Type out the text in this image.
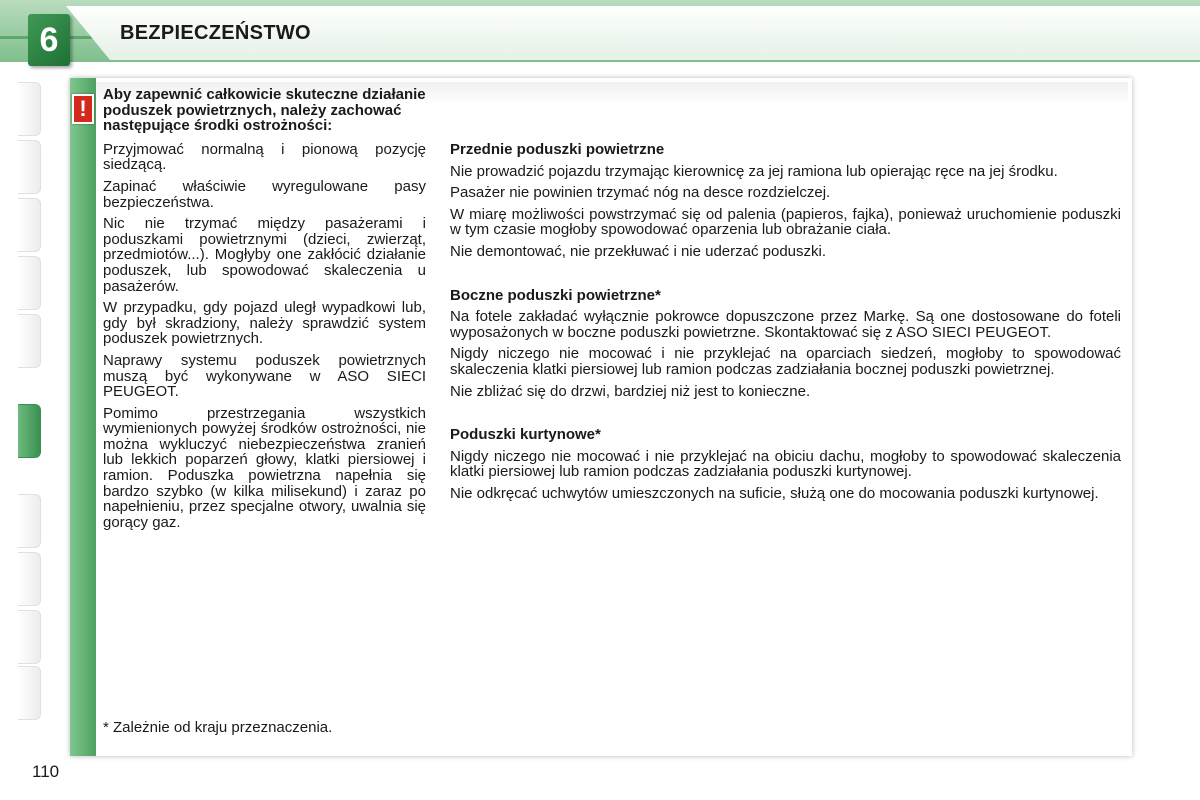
6	BEZPIECZEŃSTWO
!

Aby zapewnić całkowicie skuteczne działanie poduszek powietrznych, należy zachować następujące środki ostrożności:

Przyjmować normalną i pionową pozycję siedzącą.

Zapinać właściwie wyregulowane pasy bezpieczeństwa.

Nic nie trzymać między pasażerami i poduszkami powietrznymi (dzieci, zwierząt, przedmiotów...). Mogłyby one zakłócić działanie poduszek, lub spowodować skaleczenia u pasażerów.

W przypadku, gdy pojazd uległ wypadkowi lub, gdy był skradziony, należy sprawdzić system poduszek powietrznych.

Naprawy systemu poduszek powietrznych muszą być wykonywane w ASO SIECI PEUGEOT.

Pomimo przestrzegania wszystkich wymienionych powyżej środków ostrożności, nie można wykluczyć niebezpieczeństwa zranień lub lekkich poparzeń głowy, klatki piersiowej i ramion. Poduszka powietrzna napełnia się bardzo szybko (w kilka milisekund) i zaraz po napełnieniu, przez specjalne otwory, uwalnia się gorący gaz.

Przednie poduszki powietrzne

Nie prowadzić pojazdu trzymając kierownicę za jej ramiona lub opierając ręce na jej środku.

Pasażer nie powinien trzymać nóg na desce rozdzielczej.

W miarę możliwości powstrzymać się od palenia (papieros, fajka), ponieważ uruchomienie poduszki w tym czasie mogłoby spowodować oparzenia lub obrażanie ciała.

Nie demontować, nie przekłuwać i nie uderzać poduszki.

Boczne poduszki powietrzne*

Na fotele zakładać wyłącznie pokrowce dopuszczone przez Markę. Są one dostosowane do foteli wyposażonych w boczne poduszki powietrzne. Skontaktować się z ASO SIECI PEUGEOT.

Nigdy niczego nie mocować i nie przyklejać na oparciach siedzeń, mogłoby to spowodować skaleczenia klatki piersiowej lub ramion podczas zadziałania bocznej poduszki powietrznej.

Nie zbliżać się do drzwi, bardziej niż jest to konieczne.

Poduszki kurtynowe*

Nigdy niczego nie mocować i nie przyklejać na obiciu dachu, mogłoby to spowodować skaleczenia klatki piersiowej lub ramion podczas zadziałania poduszki kurtynowej.

Nie odkręcać uchwytów umieszczonych na suficie, służą one do mocowania poduszki kurtynowej.

* Zależnie od kraju przeznaczenia.
110
